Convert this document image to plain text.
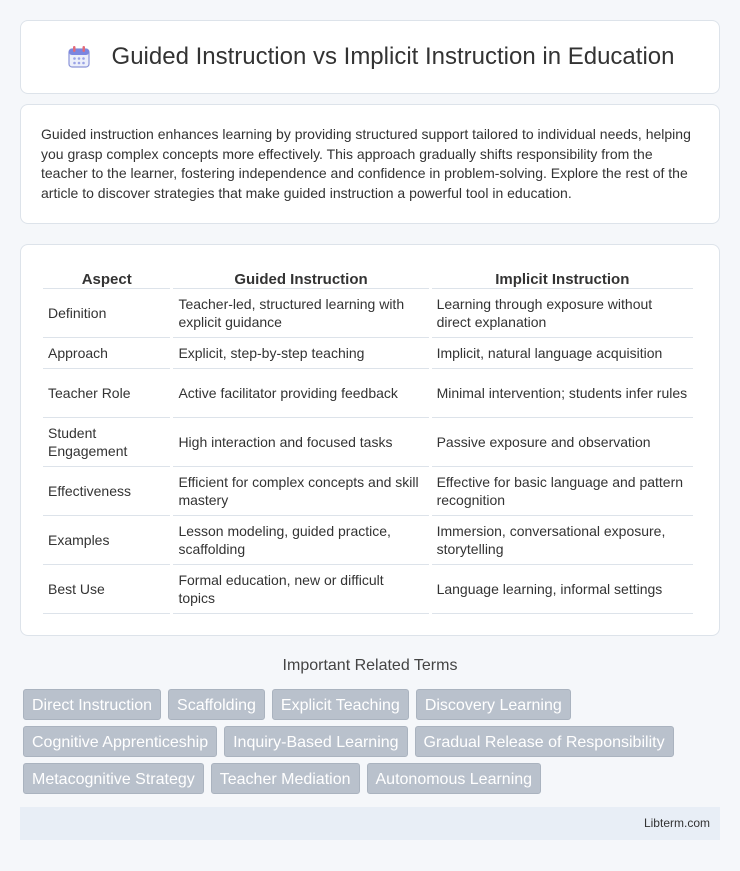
Guided Instruction vs Implicit Instruction in Education

Guided instruction enhances learning by providing structured support tailored to individual needs, helping you grasp complex concepts more effectively. This approach gradually shifts responsibility from the teacher to the learner, fostering independence and confidence in problem-solving. Explore the rest of the article to discover strategies that make guided instruction a powerful tool in education.

Aspect	Guided Instruction	Implicit Instruction
Definition	Teacher-led, structured learning with explicit guidance	Learning through exposure without direct explanation
Approach	Explicit, step-by-step teaching	Implicit, natural language acquisition
Teacher Role	Active facilitator providing feedback	Minimal intervention; students infer rules
Student Engagement	High interaction and focused tasks	Passive exposure and observation
Effectiveness	Efficient for complex concepts and skill mastery	Effective for basic language and pattern recognition
Examples	Lesson modeling, guided practice, scaffolding	Immersion, conversational exposure, storytelling
Best Use	Formal education, new or difficult topics	Language learning, informal settings
Important Related Terms
Direct Instruction	Scaffolding	Explicit Teaching	Discovery Learning
Cognitive Apprenticeship	Inquiry-Based Learning	Gradual Release of Responsibility
Metacognitive Strategy	Teacher Mediation	Autonomous Learning
Libterm.com
